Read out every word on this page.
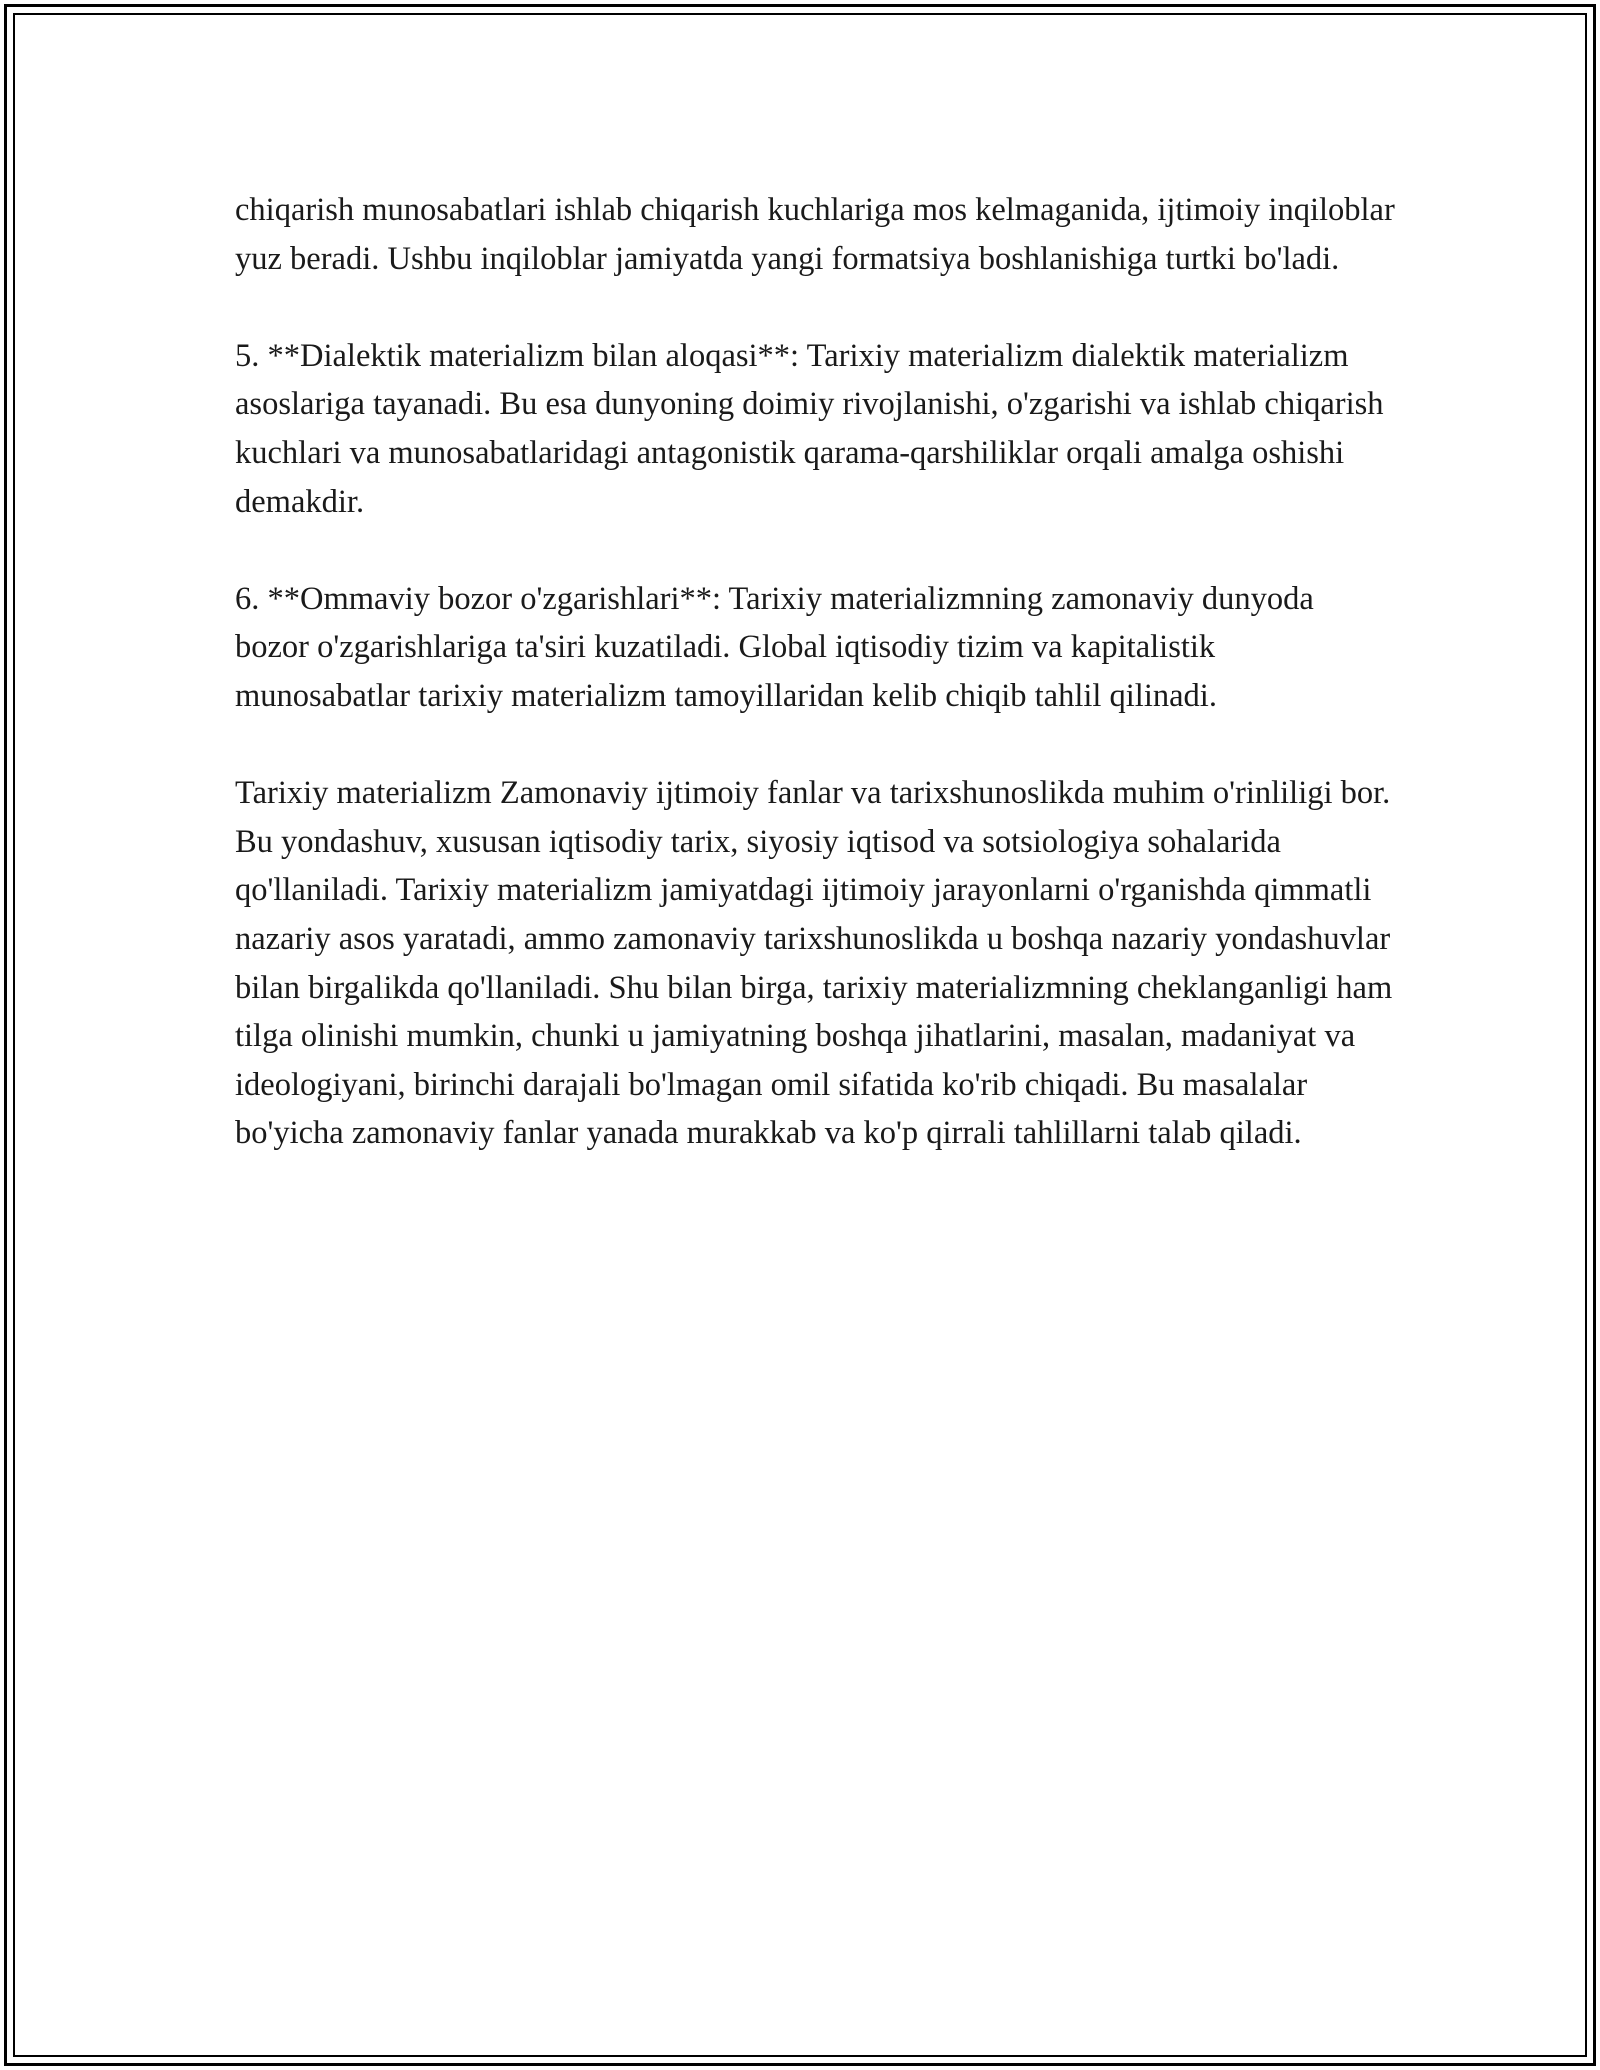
chiqarish munosabatlari ishlab chiqarish kuchlariga mos kelmaganida, ijtimoiy inqiloblar yuz beradi. Ushbu inqiloblar jamiyatda yangi formatsiya boshlanishiga turtki bo'ladi.

5. **Dialektik materializm bilan aloqasi**: Tarixiy materializm dialektik materializm asoslariga tayanadi. Bu esa dunyoning doimiy rivojlanishi, o'zgarishi va ishlab chiqarish kuchlari va munosabatlaridagi antagonistik qarama-qarshiliklar orqali amalga oshishi demakdir.

6. **Ommaviy bozor o'zgarishlari**: Tarixiy materializmning zamonaviy dunyoda bozor o'zgarishlariga ta'siri kuzatiladi. Global iqtisodiy tizim va kapitalistik munosabatlar tarixiy materializm tamoyillaridan kelib chiqib tahlil qilinadi.

Tarixiy materializm Zamonaviy ijtimoiy fanlar va tarixshunoslikda muhim o'rinliligi bor. Bu yondashuv, xususan iqtisodiy tarix, siyosiy iqtisod va sotsiologiya sohalarida qo'llaniladi. Tarixiy materializm jamiyatdagi ijtimoiy jarayonlarni o'rganishda qimmatli nazariy asos yaratadi, ammo zamonaviy tarixshunoslikda u boshqa nazariy yondashuvlar bilan birgalikda qo'llaniladi. Shu bilan birga, tarixiy materializmning cheklanganligi ham tilga olinishi mumkin, chunki u jamiyatning boshqa jihatlarini, masalan, madaniyat va ideologiyani, birinchi darajali bo'lmagan omil sifatida ko'rib chiqadi. Bu masalalar bo'yicha zamonaviy fanlar yanada murakkab va ko'p qirrali tahlillarni talab qiladi.
